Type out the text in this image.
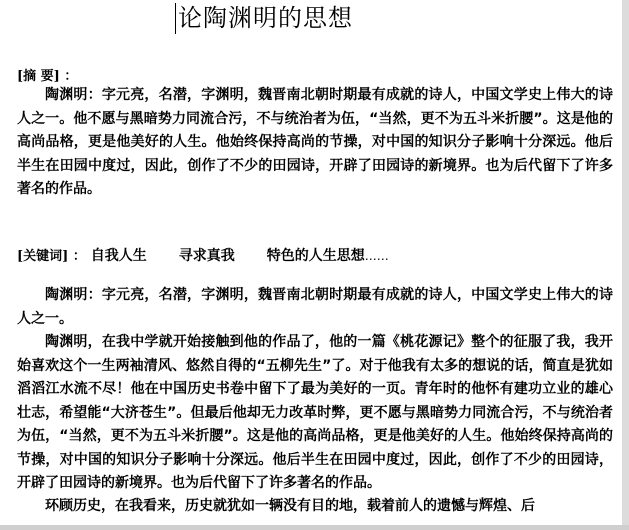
论陶渊明的思想
[摘 要] ：

陶渊明：字元亮，名潜，字渊明，魏晋南北朝时期最有成就的诗人，中国文学史上伟大的诗人之一。他不愿与黑暗势力同流合污，不与统治者为伍，“当然，更不为五斗米折腰”。这是他的高尚品格，更是他美好的人生。他始终保持高尚的节操，对中国的知识分子影响十分深远。他后半生在田园中度过，因此，创作了不少的田园诗，开辟了田园诗的新境界。也为后代留下了许多著名的作品。

[关键词] ： 自我人生 寻求真我 特色的人生思想……

陶渊明：字元亮，名潜，字渊明，魏晋南北朝时期最有成就的诗人，中国文学史上伟大的诗人之一。

陶渊明，在我中学就开始接触到他的作品了，他的一篇《桃花源记》整个的征服了我，我开始喜欢这个一生两袖清风、悠然自得的“五柳先生”了。对于他我有太多的想说的话，简直是犹如滔滔江水流不尽！他在中国历史书卷中留下了最为美好的一页。青年时的他怀有建功立业的雄心壮志，希望能“大济苍生”。但最后他却无力改革时弊，更不愿与黑暗势力同流合污，不与统治者为伍，“当然，更不为五斗米折腰”。这是他的高尚品格，更是他美好的人生。他始终保持高尚的节操，对中国的知识分子影响十分深远。他后半生在田园中度过，因此，创作了不少的田园诗，开辟了田园诗的新境界。也为后代留下了许多著名的作品。

环顾历史，在我看来，历史就犹如一辆没有目的地，载着前人的遗憾与辉煌、后
